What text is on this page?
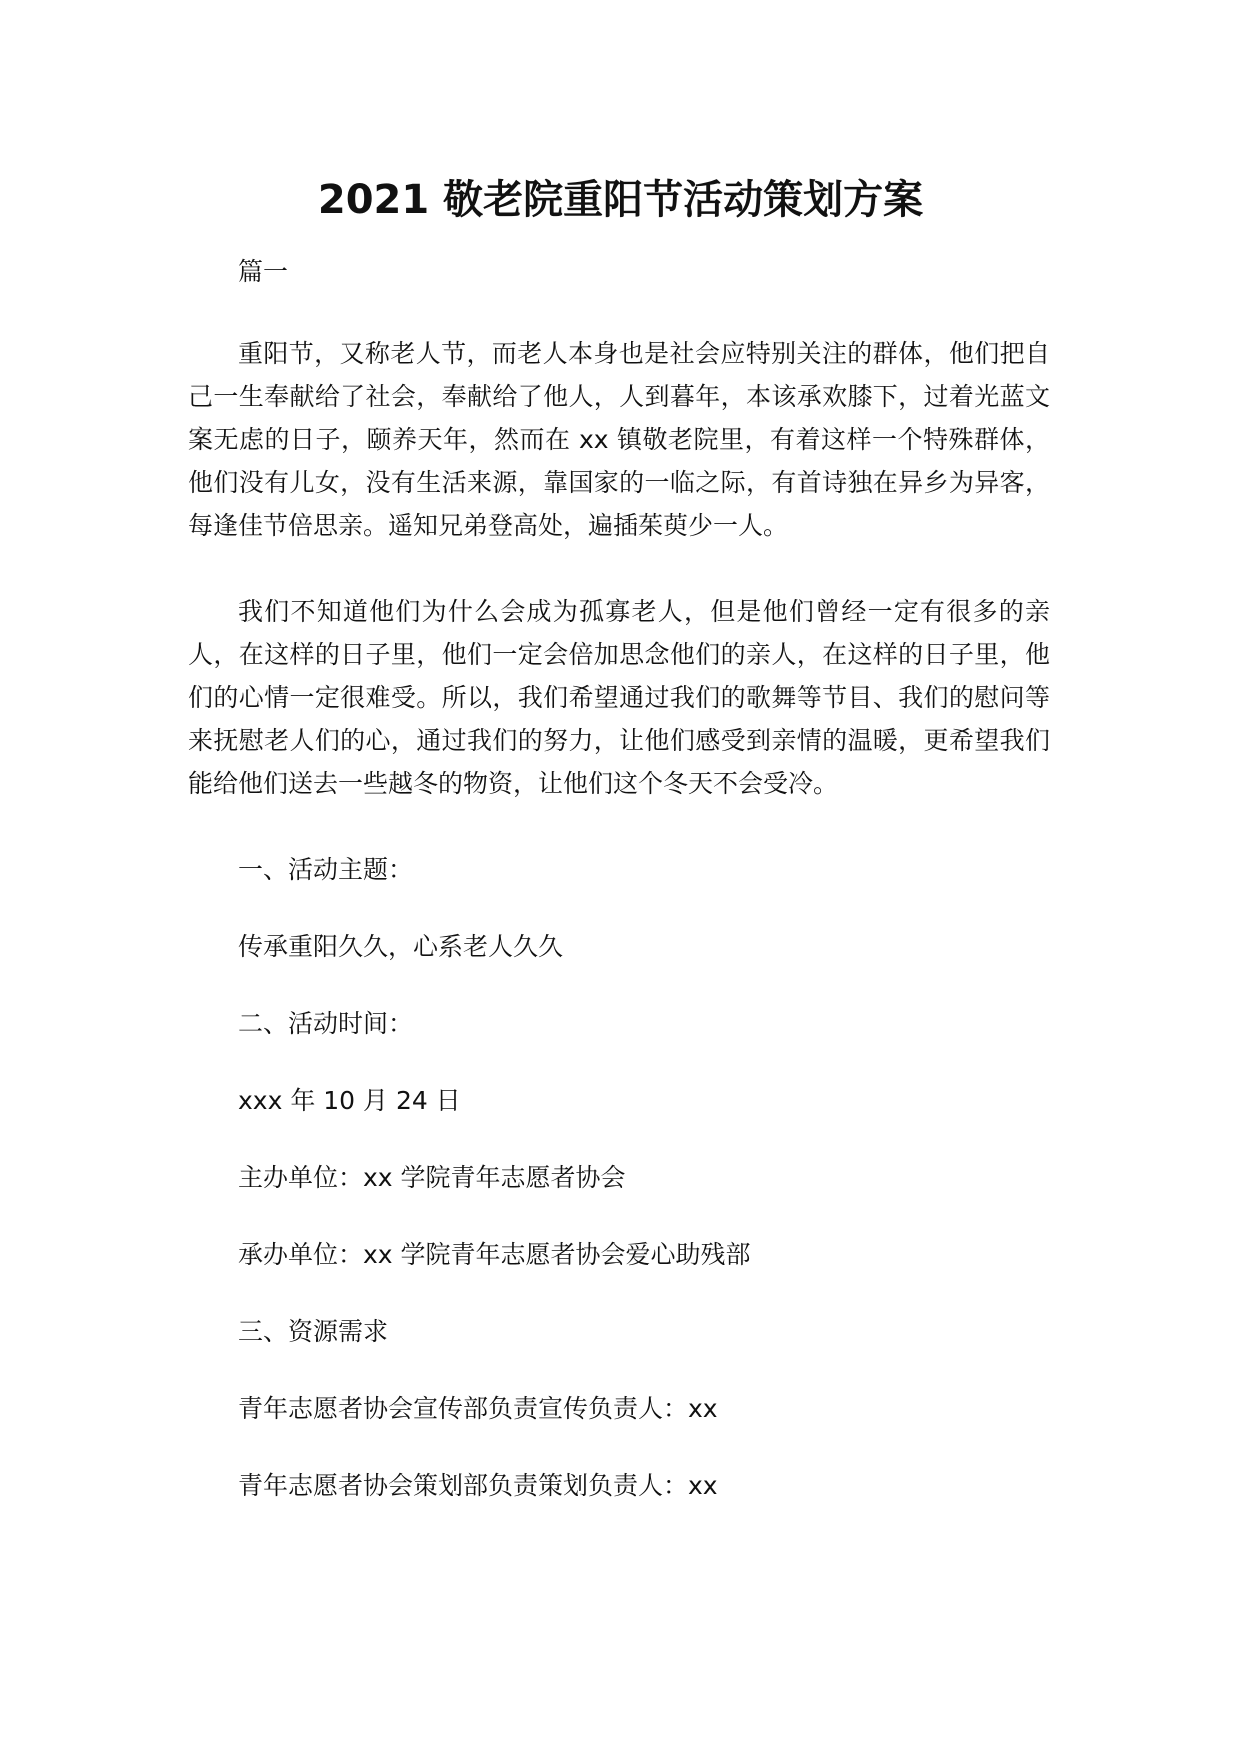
2021 敬老院重阳节活动策划方案

篇一

重阳节，又称老人节，而老人本身也是社会应特别关注的群体，他们把自己一生奉献给了社会，奉献给了他人，人到暮年，本该承欢膝下，过着光蓝文案无虑的日子，颐养天年，然而在 xx 镇敬老院里，有着这样一个特殊群体，他们没有儿女，没有生活来源，靠国家的一临之际，有首诗独在异乡为异客，每逢佳节倍思亲。遥知兄弟登高处，遍插茱萸少一人。

我们不知道他们为什么会成为孤寡老人，但是他们曾经一定有很多的亲人，在这样的日子里，他们一定会倍加思念他们的亲人，在这样的日子里，他们的心情一定很难受。所以，我们希望通过我们的歌舞等节目、我们的慰问等来抚慰老人们的心，通过我们的努力，让他们感受到亲情的温暖，更希望我们能给他们送去一些越冬的物资，让他们这个冬天不会受冷。

一、活动主题：

传承重阳久久，心系老人久久

二、活动时间：

xxx 年 10 月 24 日

主办单位：xx 学院青年志愿者协会

承办单位：xx 学院青年志愿者协会爱心助残部

三、资源需求

青年志愿者协会宣传部负责宣传负责人：xx

青年志愿者协会策划部负责策划负责人：xx
